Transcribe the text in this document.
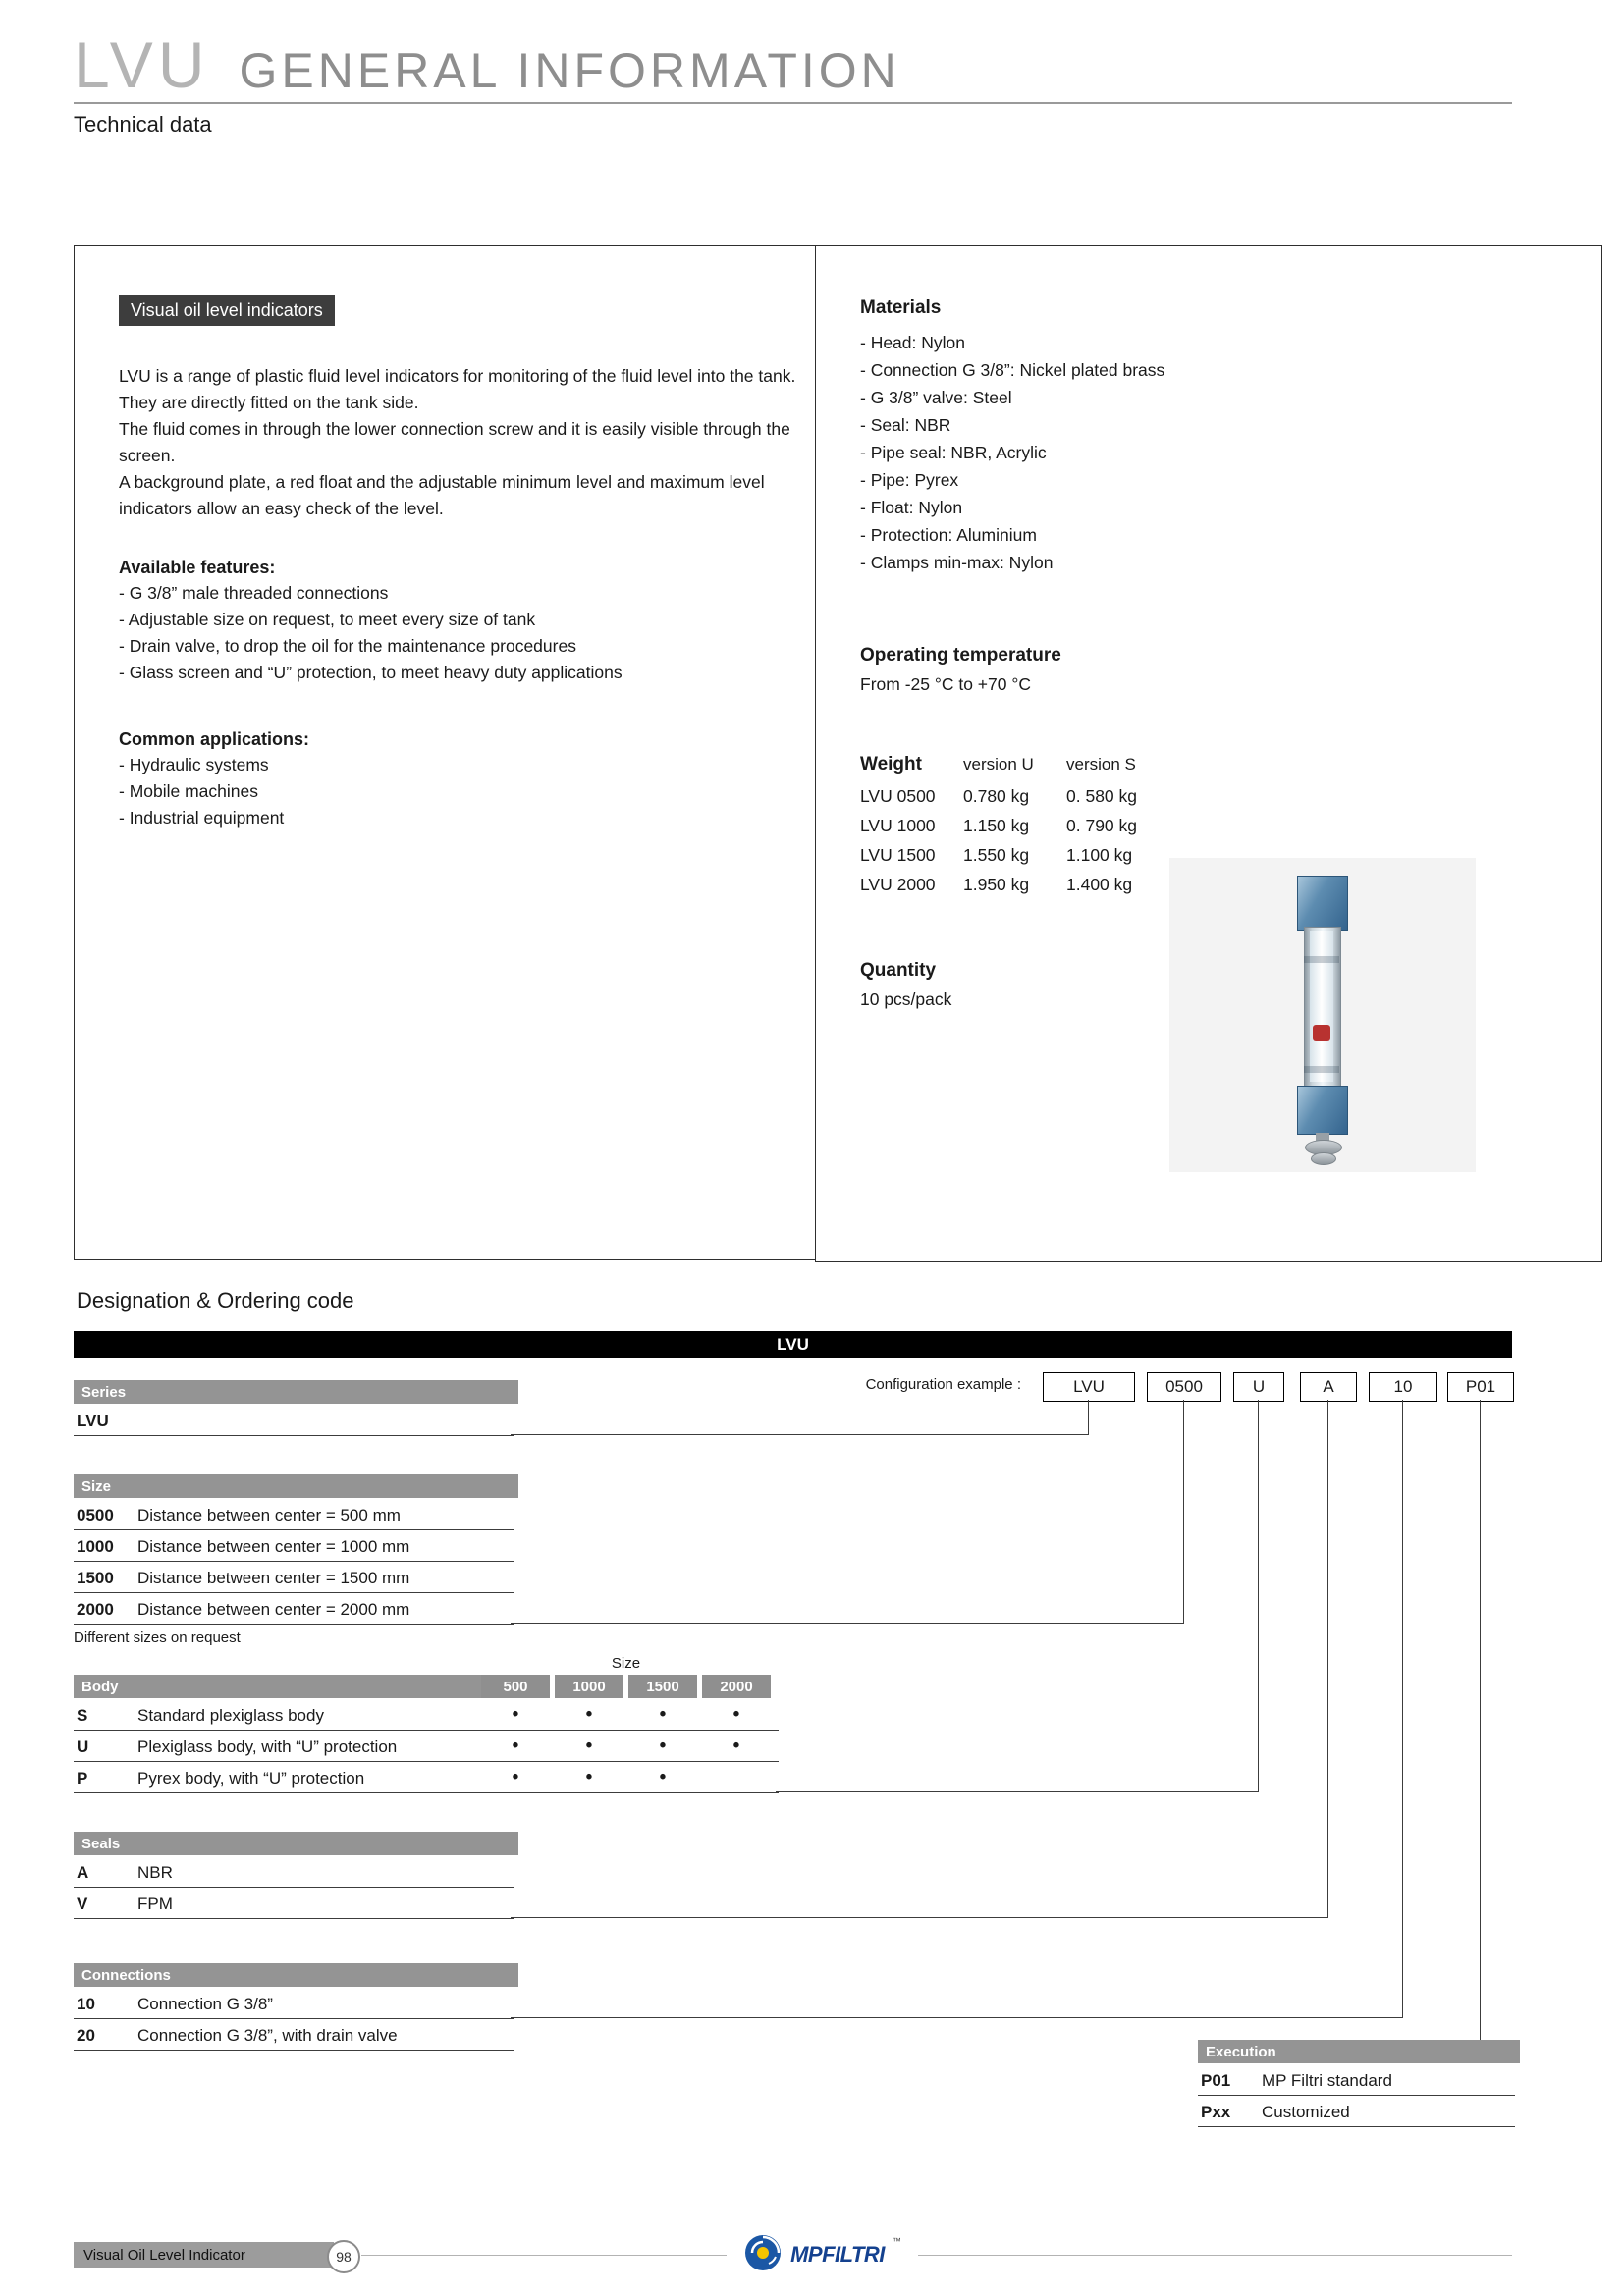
LVU GENERAL INFORMATION
Technical data
Visual oil level indicators

LVU is a range of plastic fluid level indicators for monitoring of the fluid level into the tank. They are directly fitted on the tank side.

The fluid comes in through the lower connection screw and it is easily visible through the screen.

A background plate, a red float and the adjustable minimum level and maximum level indicators allow an easy check of the level.

Available features:
- G 3/8” male threaded connections
- Adjustable size on request, to meet every size of tank
- Drain valve, to drop the oil for the maintenance procedures
- Glass screen and “U” protection, to meet heavy duty applications
Common applications:
- Hydraulic systems
- Mobile machines
- Industrial equipment
Materials
- Head: Nylon
- Connection G 3/8”: Nickel plated brass
- G 3/8” valve: Steel
- Seal: NBR
- Pipe seal: NBR, Acrylic
- Pipe: Pyrex
- Float: Nylon
- Protection: Aluminium
- Clamps min-max: Nylon
Operating temperature
From -25 °C to +70 °C
Weight	version U	version S
LVU 0500	0.780 kg	0. 580 kg
LVU 1000	1.150 kg	0. 790 kg
LVU 1500	1.550 kg	1.100 kg
LVU 2000	1.950 kg	1.400 kg
Quantity
10 pcs/pack
Designation & Ordering code
LVU
Configuration example :	LVU	0500	U	A	10	P01
Series
LVU
Size
0500	Distance between center = 500 mm
1000	Distance between center = 1000 mm
1500	Distance between center = 1500 mm
2000	Distance between center = 2000 mm
Different sizes on request
Size
Body	500	1000	1500	2000
S	Standard plexiglass body	•	•	•	•
U	Plexiglass body, with “U” protection	•	•	•	•
P	Pyrex body, with “U” protection	•	•	•
Seals
A	NBR
V	FPM
Connections
10	Connection G 3/8”
20	Connection G 3/8”, with drain valve
Execution
P01	MP Filtri standard
Pxx	Customized
Visual Oil Level Indicator	98	MPFILTRI
™
